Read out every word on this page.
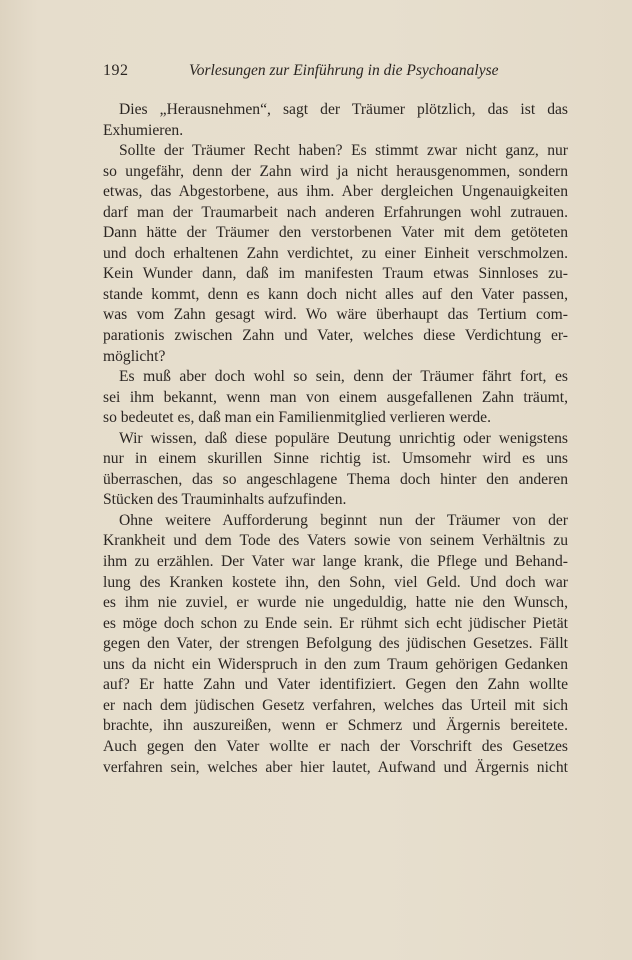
192	Vorlesungen zur Einführung in die Psychoanalyse
Dies „Herausnehmen“, sagt der Träumer plötzlich, das ist das
Exhumieren.
Sollte der Träumer Recht haben? Es stimmt zwar nicht ganz, nur
so ungefähr, denn der Zahn wird ja nicht herausgenommen, sondern
etwas, das Abgestorbene, aus ihm. Aber dergleichen Ungenauigkeiten
darf man der Traumarbeit nach anderen Erfahrungen wohl zutrauen.
Dann hätte der Träumer den verstorbenen Vater mit dem getöteten
und doch erhaltenen Zahn verdichtet, zu einer Einheit verschmolzen.
Kein Wunder dann, daß im manifesten Traum etwas Sinnloses zu-
stande kommt, denn es kann doch nicht alles auf den Vater passen,
was vom Zahn gesagt wird. Wo wäre überhaupt das Tertium com-
parationis zwischen Zahn und Vater, welches diese Verdichtung er-
möglicht?
Es muß aber doch wohl so sein, denn der Träumer fährt fort, es
sei ihm bekannt, wenn man von einem ausgefallenen Zahn träumt,
so bedeutet es, daß man ein Familienmitglied verlieren werde.
Wir wissen, daß diese populäre Deutung unrichtig oder wenigstens
nur in einem skurillen Sinne richtig ist. Umsomehr wird es uns
überraschen, das so angeschlagene Thema doch hinter den anderen
Stücken des Trauminhalts aufzufinden.
Ohne weitere Aufforderung beginnt nun der Träumer von der
Krankheit und dem Tode des Vaters sowie von seinem Verhältnis zu
ihm zu erzählen. Der Vater war lange krank, die Pflege und Behand-
lung des Kranken kostete ihn, den Sohn, viel Geld. Und doch war
es ihm nie zuviel, er wurde nie ungeduldig, hatte nie den Wunsch,
es möge doch schon zu Ende sein. Er rühmt sich echt jüdischer Pietät
gegen den Vater, der strengen Befolgung des jüdischen Gesetzes. Fällt
uns da nicht ein Widerspruch in den zum Traum gehörigen Gedanken
auf? Er hatte Zahn und Vater identifiziert. Gegen den Zahn wollte
er nach dem jüdischen Gesetz verfahren, welches das Urteil mit sich
brachte, ihn auszureißen, wenn er Schmerz und Ärgernis bereitete.
Auch gegen den Vater wollte er nach der Vorschrift des Gesetzes
verfahren sein, welches aber hier lautet, Aufwand und Ärgernis nicht
